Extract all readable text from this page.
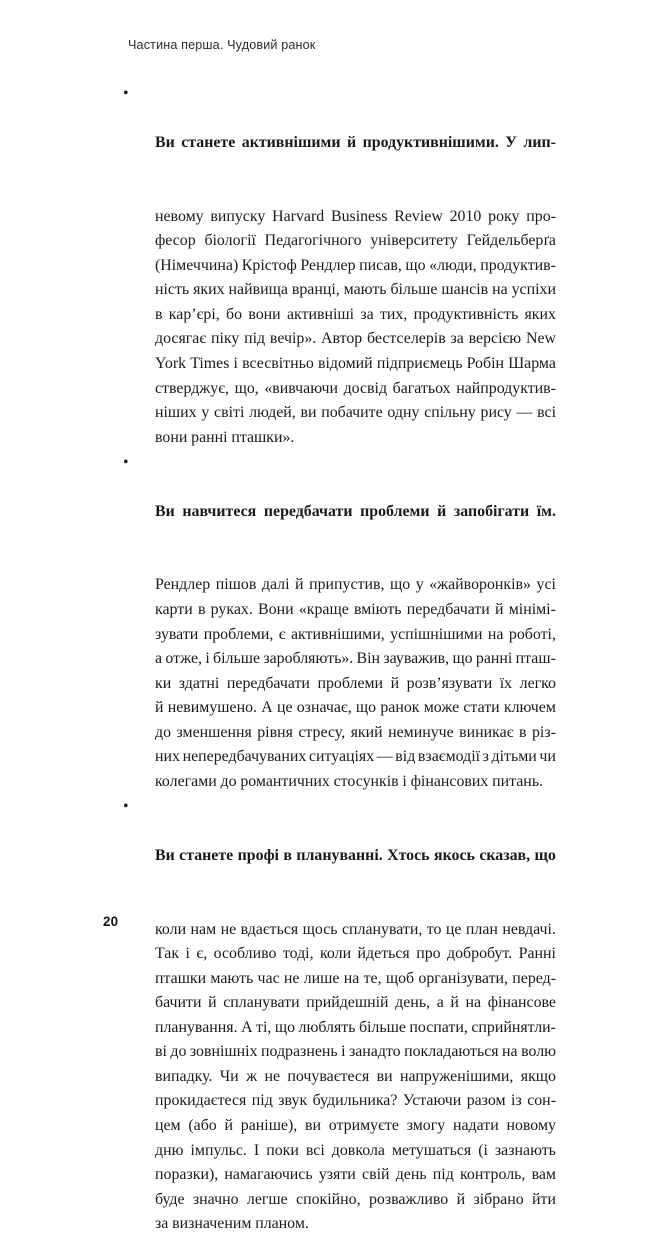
Частина перша. Чудовий ранок
•

Ви станете активнішими й продуктивнішими. У лип-

невому випуску Harvard Business Review 2010 року про-
фесор біології Педагогічного університету Гейдельберґа
(Німеччина) Крістоф Рендлер писав, що «люди, продуктив-
ність яких найвища вранці, мають більше шансів на успіхи
в кар’єрі, бо вони активніші за тих, продуктивність яких
досягає піку під вечір». Автор бестселерів за версією New
York Times і всесвітньо відомий підприємець Робін Шарма
стверджує, що, «вивчаючи досвід багатьох найпродуктив-
ніших у світі людей, ви побачите одну спільну рису — всі
вони ранні пташки».
•

Ви навчитеся передбачати проблеми й запобігати їм.

Рендлер пішов далі й припустив, що у «жайворонків» усі
карти в руках. Вони «краще вміють передбачати й мінімі-
зувати проблеми, є активнішими, успішнішими на роботі,
а отже, і більше заробляють». Він зауважив, що ранні пташ-
ки здатні передбачати проблеми й розв’язувати їх легко
й невимушено. А це означає, що ранок може стати ключем
до зменшення рівня стресу, який неминуче виникає в різ-
них непередбачуваних ситуаціях — від взаємодії з дітьми чи
колегами до романтичних стосунків і фінансових питань.
•

Ви станете профі в плануванні. Хтось якось сказав, що

коли нам не вдається щось спланувати, то це план невдачі.
Так і є, особливо тоді, коли йдеться про добробут. Ранні
пташки мають час не лише на те, щоб організувати, перед-
бачити й спланувати прийдешній день, а й на фінансове
планування. А ті, що люблять більше поспати, сприйнятли-
ві до зовнішніх подразнень і занадто покладаються на волю
випадку. Чи ж не почуваєтеся ви напруженішими, якщо
прокидаєтеся під звук будильника? Устаючи разом із сон-
цем (або й раніше), ви отримуєте змогу надати новому
дню імпульс. І поки всі довкола метушаться (і зазнають
поразки), намагаючись узяти свій день під контроль, вам
буде значно легше спокійно, розважливо й зібрано йти
за визначеним планом.
20
